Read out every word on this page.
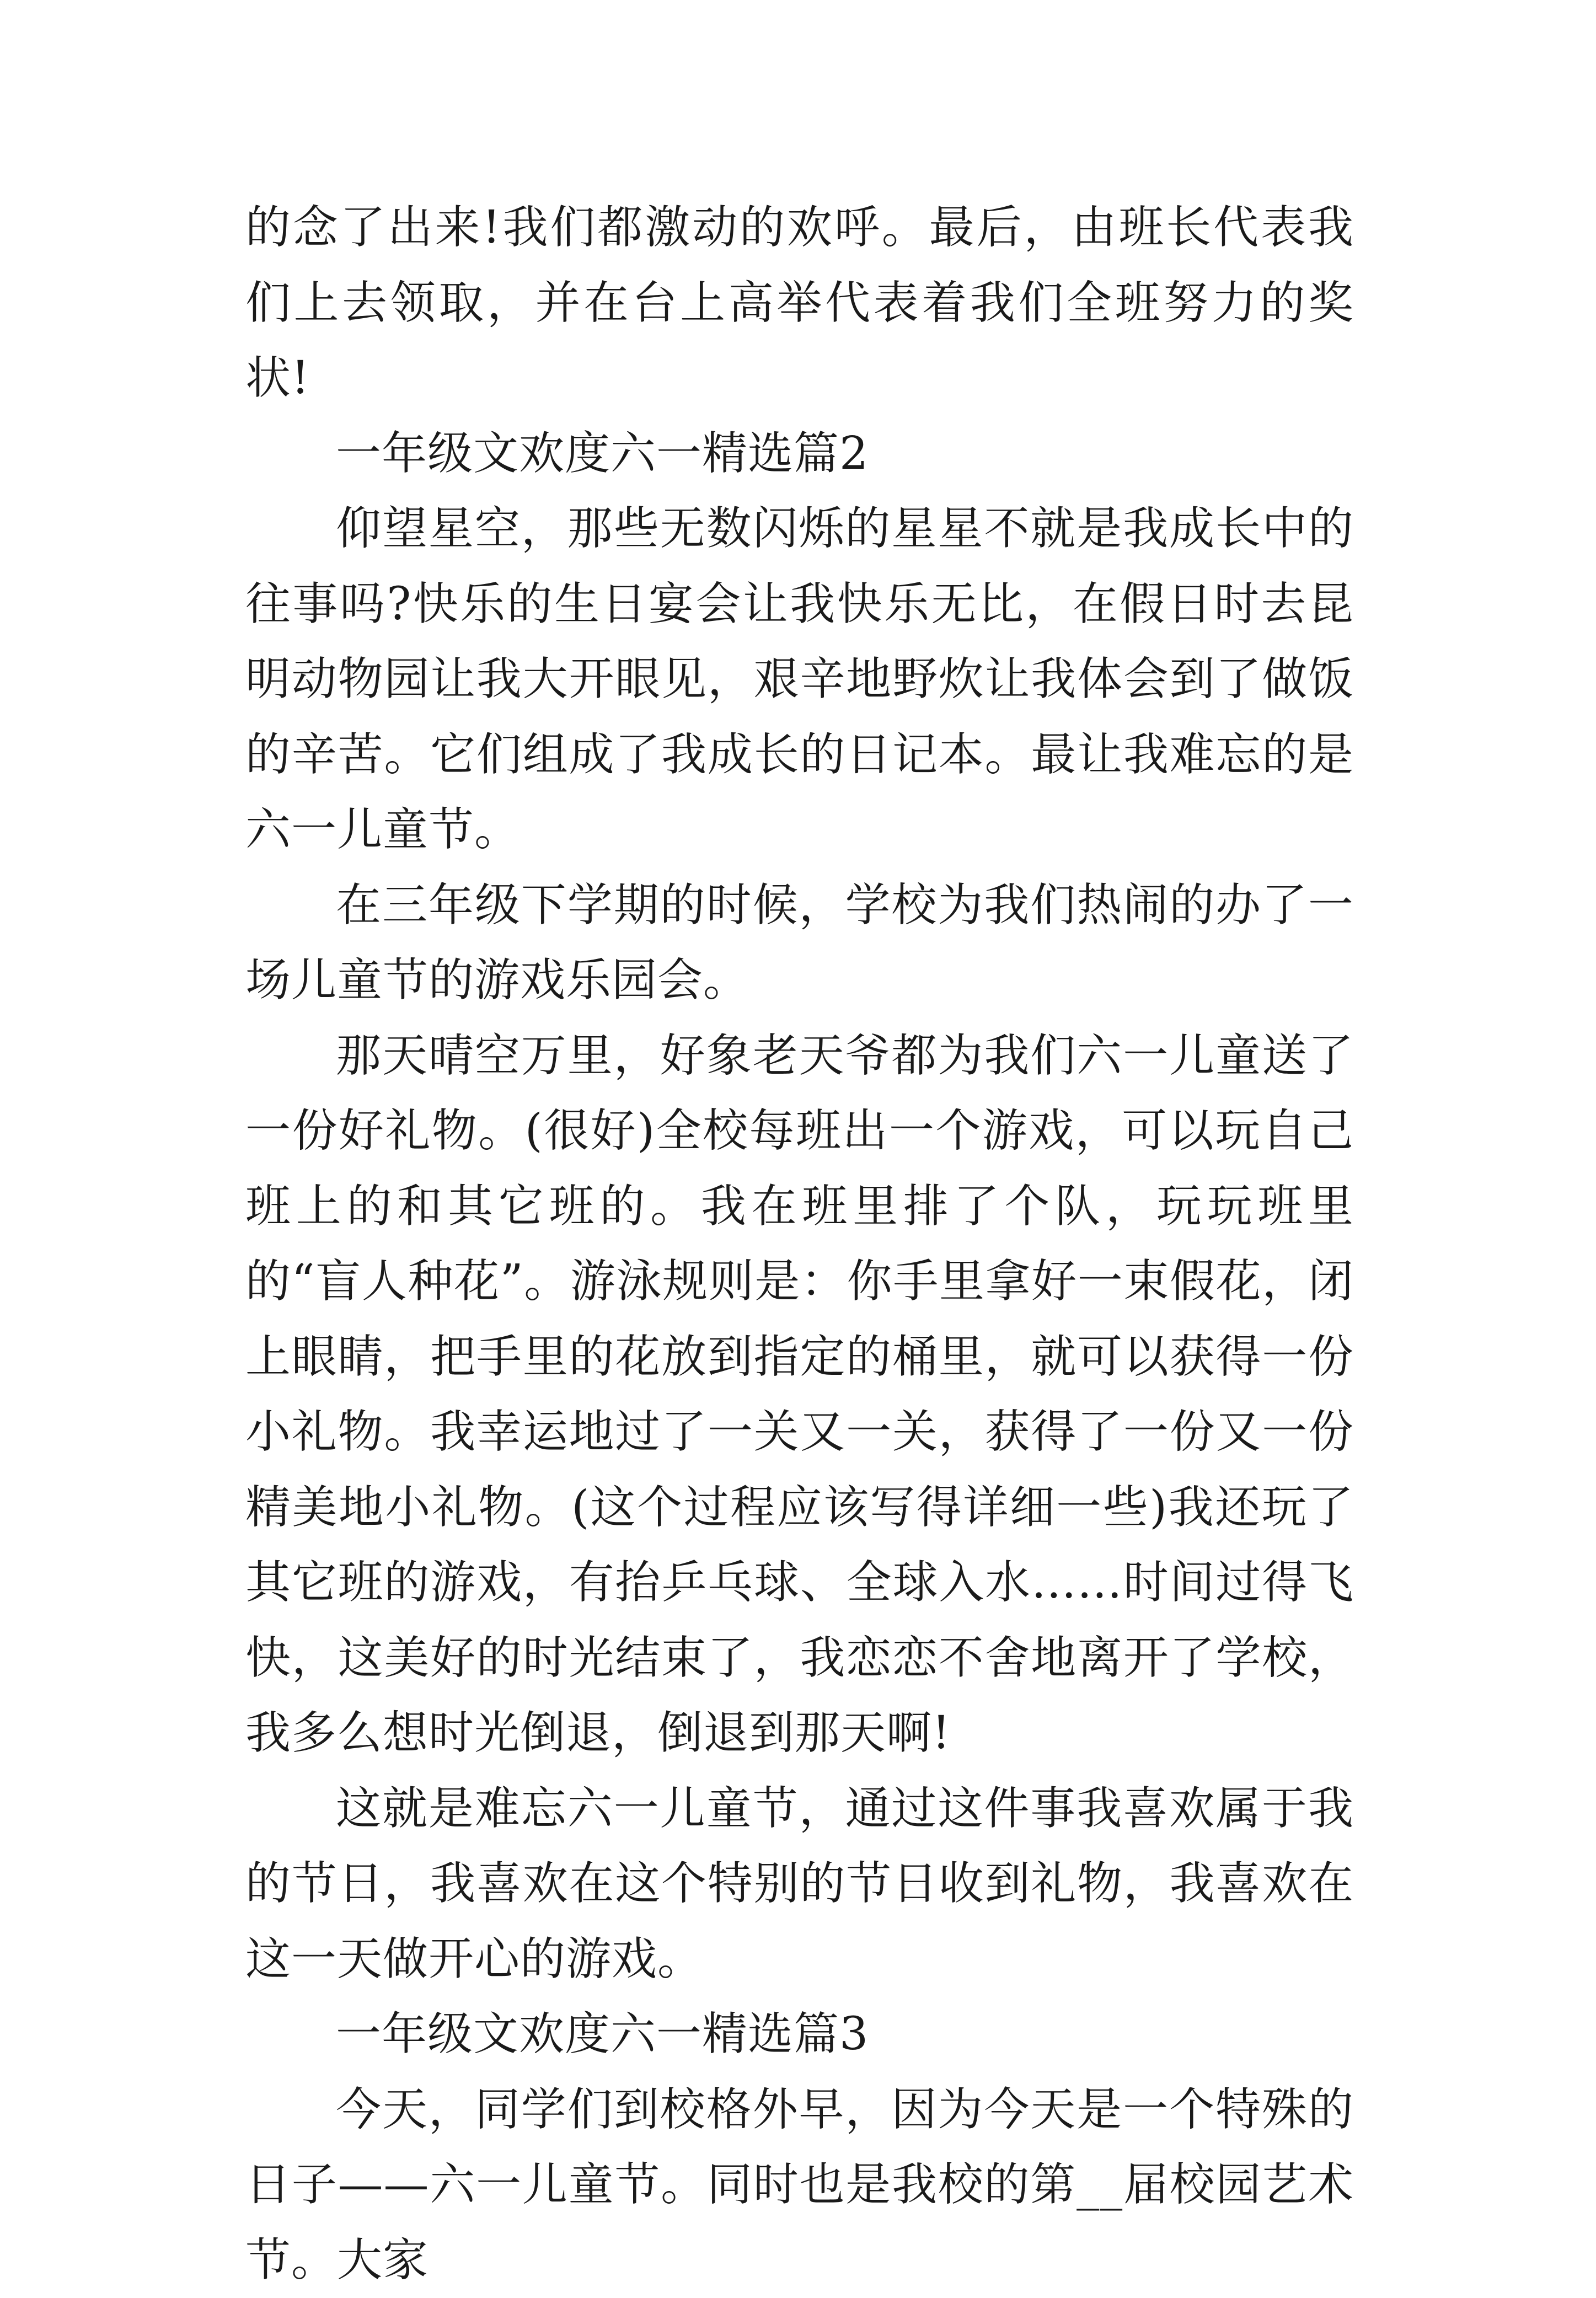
的念了出来!我们都激动的欢呼。最后，由班长代表我们上去领取，并在台上高举代表着我们全班努力的奖状!

一年级文欢度六一精选篇2

仰望星空，那些无数闪烁的星星不就是我成长中的往事吗?快乐的生日宴会让我快乐无比，在假日时去昆明动物园让我大开眼见，艰辛地野炊让我体会到了做饭的辛苦。它们组成了我成长的日记本。最让我难忘的是六一儿童节。

在三年级下学期的时候，学校为我们热闹的办了一场儿童节的游戏乐园会。

那天晴空万里，好象老天爷都为我们六一儿童送了一份好礼物。(很好)全校每班出一个游戏，可以玩自己班上的和其它班的。我在班里排了个队，玩玩班里的“盲人种花”。游泳规则是：你手里拿好一束假花，闭上眼睛，把手里的花放到指定的桶里，就可以获得一份小礼物。我幸运地过了一关又一关，获得了一份又一份精美地小礼物。(这个过程应该写得详细一些)我还玩了其它班的游戏，有抬乒乓球、全球入水……时间过得飞快，这美好的时光结束了，我恋恋不舍地离开了学校，我多么想时光倒退，倒退到那天啊!

这就是难忘六一儿童节，通过这件事我喜欢属于我的节日，我喜欢在这个特别的节日收到礼物，我喜欢在这一天做开心的游戏。

一年级文欢度六一精选篇3

今天，同学们到校格外早，因为今天是一个特殊的日子——六一儿童节。同时也是我校的第__届校园艺术节。大家
